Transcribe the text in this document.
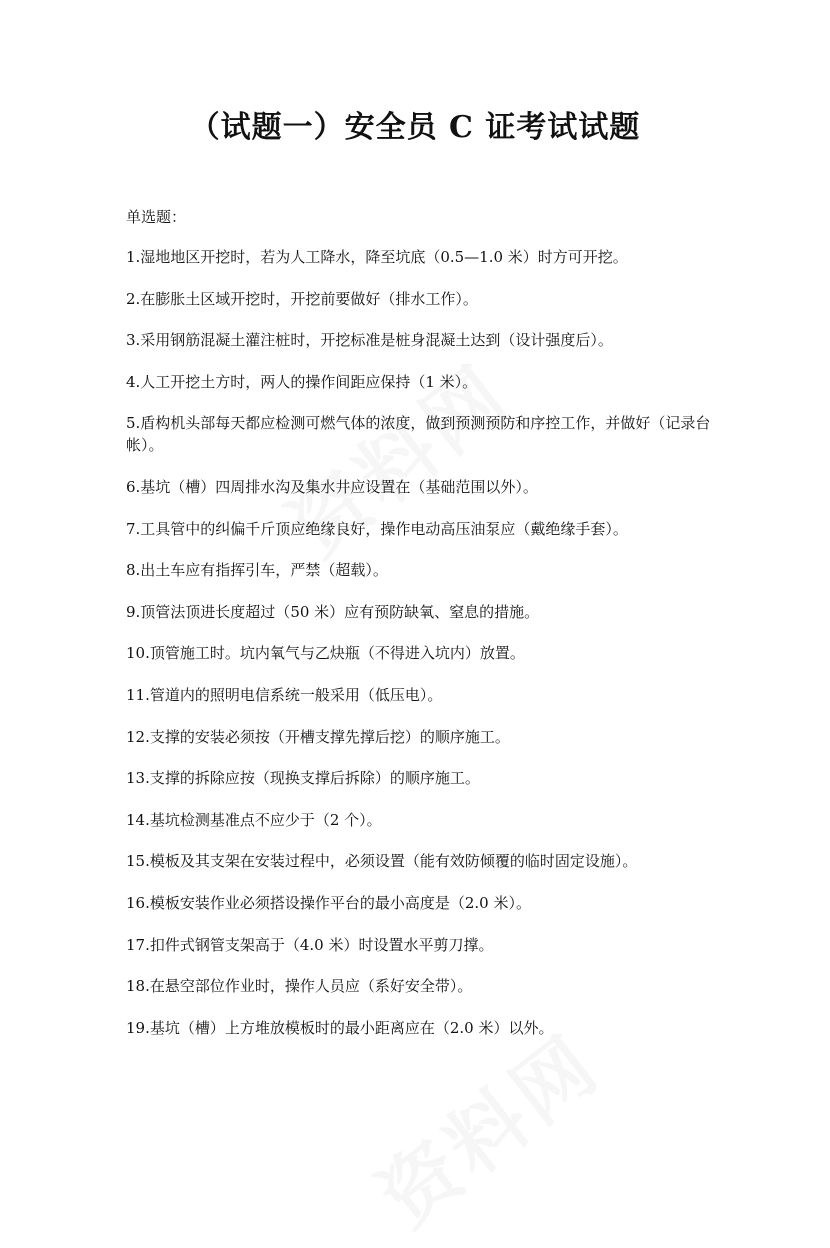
（试题一）安全员 C 证考试试题

单选题：

1.湿地地区开挖时，若为人工降水，降至坑底（0.5—1.0 米）时方可开挖。
2.在膨胀土区域开挖时，开挖前要做好（排水工作）。
3.采用钢筋混凝土灌注桩时，开挖标准是桩身混凝土达到（设计强度后）。
4.人工开挖土方时，两人的操作间距应保持（1 米）。
5.盾构机头部每天都应检测可燃气体的浓度，做到预测预防和序控工作，并做好（记录台帐）。
6.基坑（槽）四周排水沟及集水井应设置在（基础范围以外）。
7.工具管中的纠偏千斤顶应绝缘良好，操作电动高压油泵应（戴绝缘手套）。
8.出土车应有指挥引车，严禁（超载）。
9.顶管法顶进长度超过（50 米）应有预防缺氧、窒息的措施。
10.顶管施工时。坑内氧气与乙炔瓶（不得进入坑内）放置。
11.管道内的照明电信系统一般采用（低压电）。
12.支撑的安装必须按（开槽支撑先撑后挖）的顺序施工。
13.支撑的拆除应按（现换支撑后拆除）的顺序施工。
14.基坑检测基准点不应少于（2 个）。
15.模板及其支架在安装过程中，必须设置（能有效防倾覆的临时固定设施）。
16.模板安装作业必须搭设操作平台的最小高度是（2.0 米）。
17.扣件式钢管支架高于（4.0 米）时设置水平剪刀撑。
18.在悬空部位作业时，操作人员应（系好安全带）。
19.基坑（槽）上方堆放模板时的最小距离应在（2.0 米）以外。
